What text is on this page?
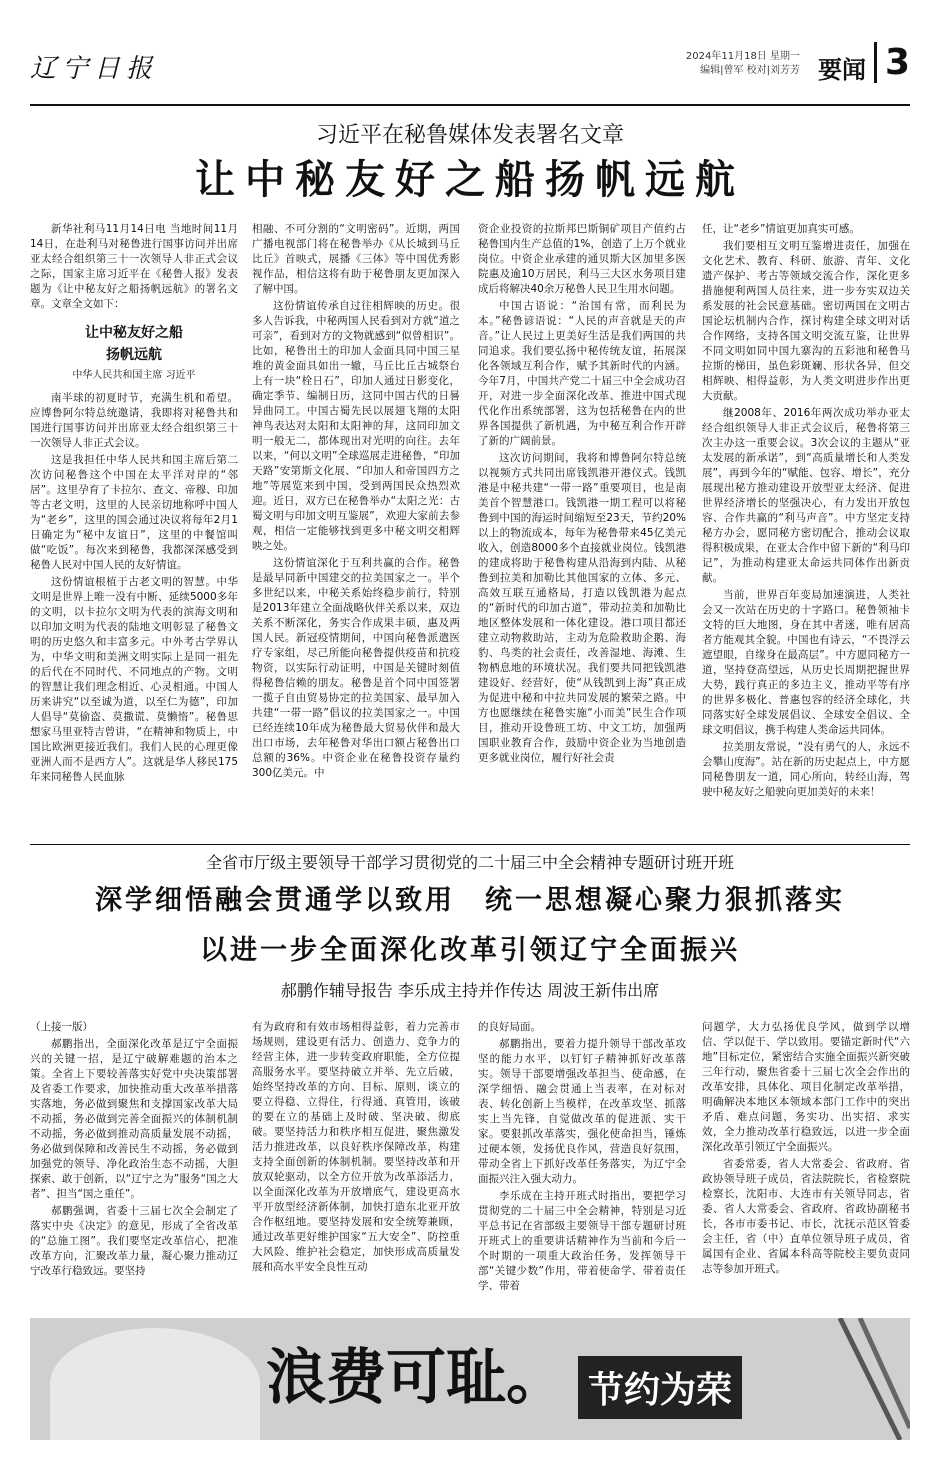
辽宁日报	2024年11月18日 星期一
编辑|曾军 校对|刘芳芳 要闻 3
习近平在秘鲁媒体发表署名文章
让中秘友好之船扬帆远航

新华社利马11月14日电 当地时间11月14日，在赴利马对秘鲁进行国事访问并出席亚太经合组织第三十一次领导人非正式会议之际，国家主席习近平在《秘鲁人报》发表题为《让中秘友好之船扬帆远航》的署名文章。文章全文如下：

让中秘友好之船
扬帆远航
中华人民共和国主席 习近平

南半球的初夏时节，充满生机和希望。应博鲁阿尔特总统邀请，我即将对秘鲁共和国进行国事访问并出席亚太经合组织第三十一次领导人非正式会议。

这是我担任中华人民共和国主席后第二次访问秘鲁这个中国在太平洋对岸的“邻居”。这里孕育了卡拉尔、查文、帝穆、印加等古老文明，这里的人民亲切地称呼中国人为“老乡”，这里的国会通过决议将每年2月1日确定为“秘中友谊日”，这里的中餐馆叫做“吃饭”。每次来到秘鲁，我都深深感受到秘鲁人民对中国人民的友好情谊。

这份情谊根植于古老文明的智慧。中华文明是世界上唯一没有中断、延续5000多年的文明，以卡拉尔文明为代表的滨海文明和以印加文明为代表的陆地文明彰显了秘鲁文明的历史悠久和丰富多元。中外考古学界认为，中华文明和美洲文明实际上是同一祖先的后代在不同时代、不同地点的产物。文明的智慧让我们理念相近、心灵相通。中国人历来讲究“以至诚为道，以至仁为德”，印加人倡导“莫偷盗、莫撒谎、莫懒惰”。秘鲁思想家马里亚特吉曾讲，“在精神和物质上，中国比欧洲更接近我们。我们人民的心理更像亚洲人而不是西方人”。这就是华人移民175年来同秘鲁人民血脉

相融、不可分割的“文明密码”。近期，两国广播电视部门将在秘鲁举办《从长城到马丘比丘》首映式，展播《三体》等中国优秀影视作品，相信这将有助于秘鲁朋友更加深入了解中国。

这份情谊传承自过往相辉映的历史。很多人告诉我，中秘两国人民看到对方就“道之可亲”，看到对方的文物就感到“似曾相识”。比如，秘鲁出土的印加人金面具同中国三星堆的黄金面具如出一辙，马丘比丘古城祭台上有一块“栓日石”，印加人通过日影变化，确定季节、编制日历，这同中国古代的日晷异曲同工。中国古蜀先民以展翅飞翔的太阳神鸟表达对太阳和太阳神的拜，这同印加文明一般无二，都体现出对光明的向往。去年以来，“何以文明”全球巡展走进秘鲁，“印加天路”安第斯文化展、“印加人和帝国四方之地”等展览来到中国，受到两国民众热烈欢迎。近日，双方已在秘鲁举办“太阳之光：古蜀文明与印加文明互鉴展”，欢迎大家前去参观，相信一定能够找到更多中秘文明交相辉映之处。

这份情谊深化于互利共赢的合作。秘鲁是最早同新中国建交的拉美国家之一。半个多世纪以来，中秘关系始终稳步前行，特别是2013年建立全面战略伙伴关系以来，双边关系不断深化，务实合作成果丰硕，惠及两国人民。新冠疫情期间，中国向秘鲁派遣医疗专家组，尽己所能向秘鲁提供疫苗和抗疫物资，以实际行动证明，中国是关键时刻值得秘鲁信赖的朋友。秘鲁是首个同中国签署一揽子自由贸易协定的拉美国家、最早加入共建“一带一路”倡议的拉美国家之一。中国已经连续10年成为秘鲁最大贸易伙伴和最大出口市场，去年秘鲁对华出口额占秘鲁出口总额的36%。中资企业在秘鲁投资存量约300亿美元。中

资企业投资的拉斯邦巴斯铜矿项目产值约占秘鲁国内生产总值的1%，创造了上万个就业岗位。中资企业承建的通贝斯大区加里多医院惠及逾10万居民，利马三大区水务项目建成后将解决40余万秘鲁人民卫生用水问题。

中国古语说：“治国有常，而利民为本。”秘鲁谚语说：“人民的声音就是天的声音。”让人民过上更美好生活是我们两国的共同追求。我们要弘扬中秘传统友谊，拓展深化各领域互利合作，赋予其新时代的内涵。今年7月，中国共产党二十届三中全会成功召开，对进一步全面深化改革、推进中国式现代化作出系统部署，这为包括秘鲁在内的世界各国提供了新机遇，为中秘互利合作开辟了新的广阔前景。

这次访问期间，我将和博鲁阿尔特总统以视频方式共同出席钱凯港开港仪式。钱凯港是中秘共建“一带一路”重要项目，也是南美首个智慧港口。钱凯港一期工程可以将秘鲁到中国的海运时间缩短至23天，节约20%以上的物流成本，每年为秘鲁带来45亿美元收入，创造8000多个直接就业岗位。钱凯港的建成将助于秘鲁构建从沿海到内陆、从秘鲁到拉美和加勒比其他国家的立体、多元、高效互联互通格局，打造以钱凯港为起点的“新时代的印加古道”，带动拉美和加勒比地区整体发展和一体化建设。港口项目都还建立动物救助站，主动为危险救助企鹅、海豹、鸟类的社会责任，改善湿地、海滩、生物栖息地的环境状况。我们要共同把钱凯港建设好、经营好，使“从钱凯到上海”真正成为促进中秘和中拉共同发展的繁荣之路。中方也愿继续在秘鲁实施“小而美”民生合作项目，推动开设鲁班工坊、中文工坊，加强两国职业教育合作，鼓励中资企业为当地创造更多就业岗位，履行好社会责

任，让“老乡”情谊更加真实可感。

我们要相互文明互鉴增进责任，加强在文化艺术、教育、科研、旅游、青年、文化遗产保护、考古等领域交流合作，深化更多措施便利两国人员往来，进一步夯实双边关系发展的社会民意基础。密切两国在文明古国论坛机制内合作，探讨构建全球文明对话合作网络，支持各国文明交流互鉴，让世界不同文明如同中国九寨沟的五彩池和秘鲁马拉斯的梯田，虽色彩斑斓、形状各异，但交相辉映、相得益彰，为人类文明进步作出更大贡献。

继2008年、2016年两次成功举办亚太经合组织领导人非正式会议后，秘鲁将第三次主办这一重要会议。3次会议的主题从“亚太发展的新承诺”，到“高质量增长和人类发展”，再到今年的“赋能、包容、增长”，充分展现出秘方推动建设开放型亚太经济、促进世界经济增长的坚强决心，有力发出开放包容、合作共赢的“利马声音”。中方坚定支持秘方办会，愿同秘方密切配合，推动会议取得积极成果，在亚太合作中留下新的“利马印记”，为推动构建亚太命运共同体作出新贡献。

当前，世界百年变局加速演进，人类社会又一次站在历史的十字路口。秘鲁领袖卡文特的巨大地图，身在其中者迷，唯有居高者方能观其全貌。中国也有诗云，“不畏浮云遮望眼，自缘身在最高层”。中方愿同秘方一道，坚持登高望远，从历史长周期把握世界大势，践行真正的多边主义，推动平等有序的世界多极化、普惠包容的经济全球化，共同落实好全球发展倡议、全球安全倡议、全球文明倡议，携手构建人类命运共同体。

拉美朋友常说，“没有勇气的人，永远不会攀山度海”。站在新的历史起点上，中方愿同秘鲁朋友一道，同心所向，转经山海，驾驶中秘友好之船驶向更加美好的未来！

全省市厅级主要领导干部学习贯彻党的二十届三中全会精神专题研讨班开班
深学细悟融会贯通学以致用　统一思想凝心聚力狠抓落实
以进一步全面深化改革引领辽宁全面振兴
郝鹏作辅导报告 李乐成主持并作传达 周波王新伟出席

（上接一版）

郝鹏指出，全面深化改革是辽宁全面振兴的关键一招，是辽宁破解难题的治本之策。全省上下要较善落实好党中央决策部署及省委工作要求，加快推动重大改革举措落实落地，务必做到聚焦和支撑国家改革大局不动摇，务必做到完善全面振兴的体制机制不动摇，务必做到推动高质量发展不动摇，务必做到保障和改善民生不动摇，务必做到加强党的领导、净化政治生态不动摇，大胆探索、敢于创新，以“辽宁之为”服务“国之大者”、担当“国之重任”。

郝鹏强调，省委十三届七次全会制定了落实中央《决定》的意见，形成了全省改革的“总施工图”。我们要坚定改革信心，把准改革方向，汇聚改革力量，凝心聚力推动辽宁改革行稳致远。要坚持

有为政府和有效市场相得益彰，着力完善市场规则，建设更有活力、创造力、竞争力的经营主体，进一步转变政府职能，全方位提高服务水平。要坚持破立并举、先立后破，始终坚持改革的方向、目标、原则，谈立的要立得稳、立得住，行得通、真管用，该破的要在立的基础上及时破、坚决破、彻底破。要坚持活力和秩序相互促进，聚焦激发活力推进改革，以良好秩序保障改革，构建支持全面创新的体制机制。要坚持改革和开放双轮驱动，以全方位开放为改革添活力，以全面深化改革为开放增底气，建设更高水平开放型经济新体制，加快打造东北亚开放合作枢纽地。要坚持发展和安全统筹兼顾，通过改革更好维护国家“五大安全”、防控重大风险、维护社会稳定，加快形成高质量发展和高水平安全良性互动

的良好局面。

郝鹏指出，要着力提升领导干部改革攻坚的能力水平，以钉钉子精神抓好改革落实。领导干部要增强改革担当、使命感，在深学细悟、融会贯通上当表率，在对标对表、转化创新上当模样，在改革攻坚、抓落实上当先锋，自觉做改革的促进派、实干家。要狠抓改革落实，强化使命担当，锤炼过硬本领，发扬优良作风，营造良好氛围，带动全省上下抓好改革任务落实，为辽宁全面振兴注入强大动力。

李乐成在主持开班式时指出，要把学习贯彻党的二十届三中全会精神，特别是习近平总书记在省部级主要领导干部专题研讨班开班式上的重要讲话精神作为当前和今后一个时期的一项重大政治任务，发挥领导干部“关键少数”作用，带着使命学、带着责任学、带着

问题学，大力弘扬优良学风，做到学以增信、学以促干、学以致用。要锚定新时代“六地”目标定位，紧密结合实施全面振兴新突破三年行动，聚焦省委十三届七次全会作出的改革安排，具体化、项目化制定改革举措，明确解决本地区本领域本部门工作中的突出矛盾、难点问题，务实功、出实招、求实效，全力推动改革行稳致远，以进一步全面深化改革引领辽宁全面振兴。

省委常委，省人大常委会、省政府、省政协领导班子成员，省法院院长，省检察院检察长，沈阳市、大连市有关领导同志，省委、省人大常委会、省政府、省政协副秘书长，各市市委书记、市长，沈抚示范区管委会主任，省（中）直单位领导班子成员，省属国有企业、省属本科高等院校主要负责同志等参加开班式。

浪费可耻。 节约为荣
